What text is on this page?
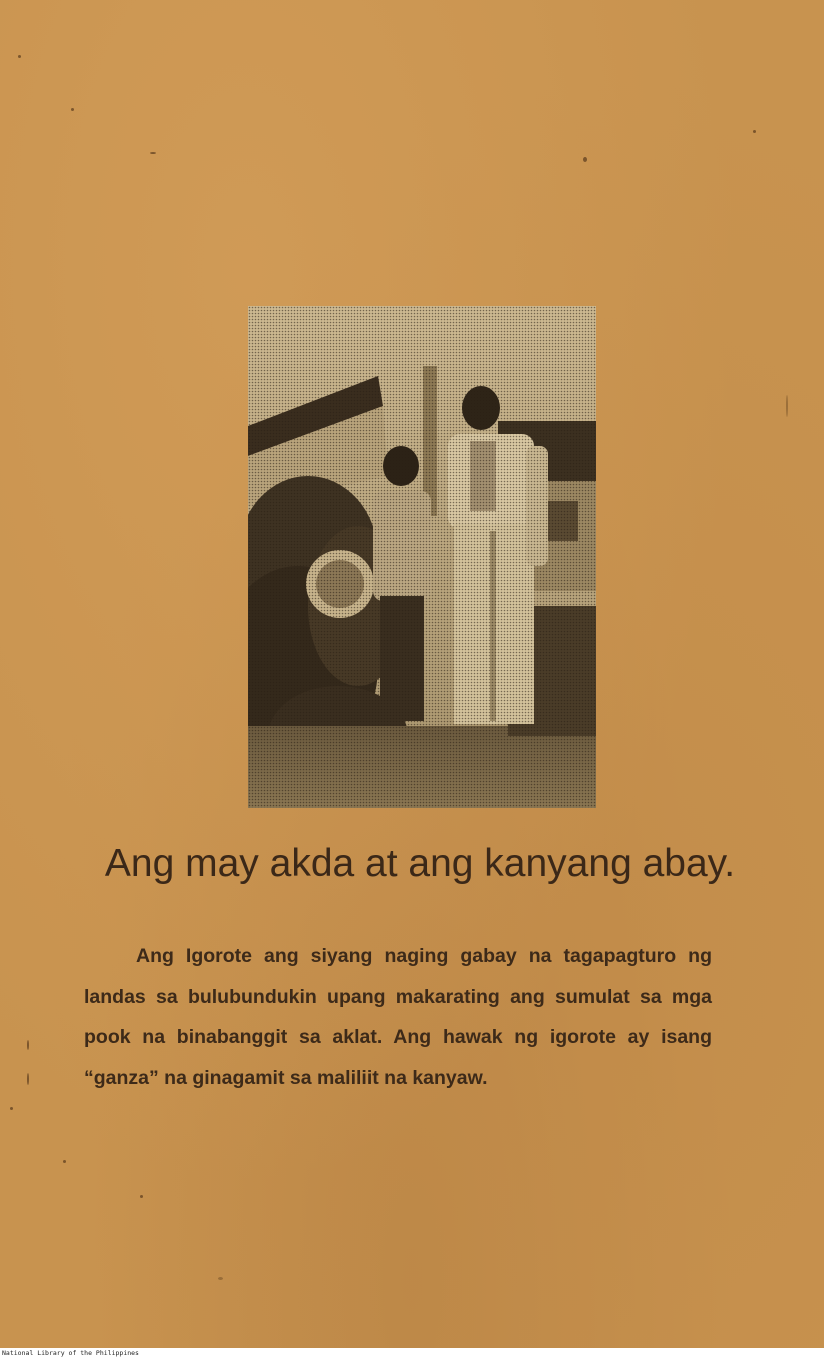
Ang may akda at ang kanyang abay.

Ang Igorote ang siyang naging gabay na tagapagturo ng landas sa bulubundukin upang makarating ang sumulat sa mga pook na binabanggit sa aklat. Ang hawak ng igorote ay isang “ganza” na ginagamit sa maliliit na kanyaw.

National Library of the Philippines
